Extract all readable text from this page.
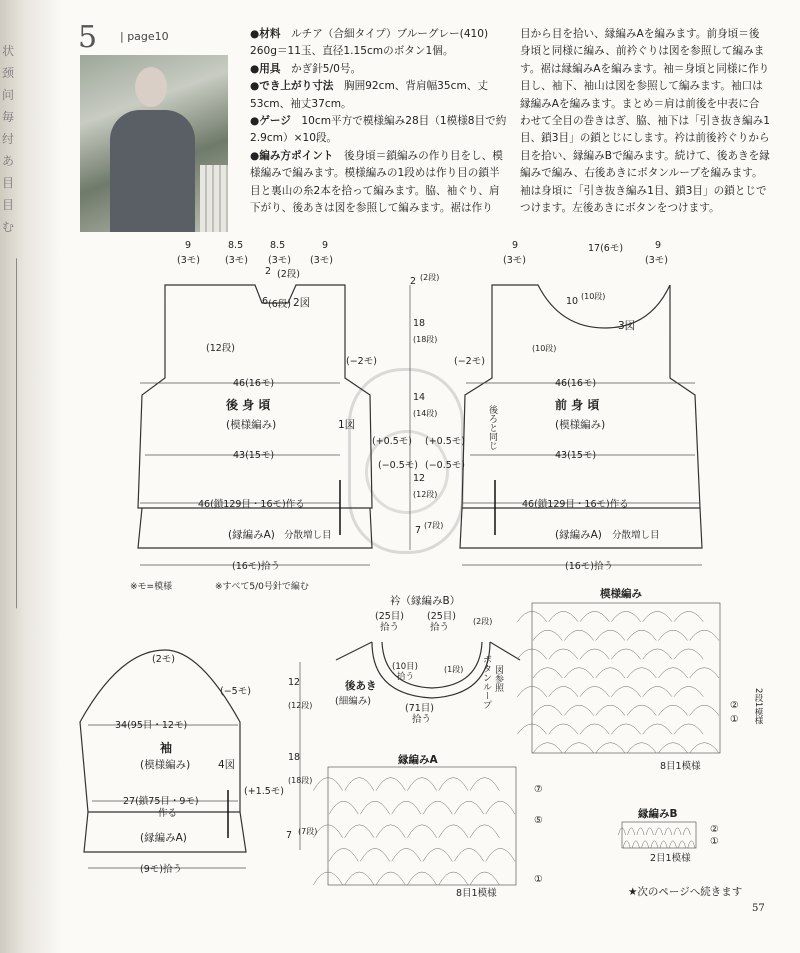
状
颈
问
毎
纣
あ
目
目
む
5 | page10	●材料　ルチア（合細タイプ）ブルーグレー(410) 260g＝11玉、直径1.15cmのボタン1個。

●用具　かぎ針5/0号。

●でき上がり寸法　胸囲92cm、背肩幅35cm、丈53cm、袖丈37cm。

●ゲージ　10cm平方で模様編み28目（1模様8目で約2.9cm）×10段。

●編み方ポイント　後身頃＝鎖編みの作り目をし、模様編みで編みます。模様編みの1段めは作り目の鎖半目と裏山の糸2本を拾って編みます。脇、袖ぐり、肩下がり、後あきは図を参照して編みます。裾は作り

目から目を拾い、縁編みAを編みます。前身頃＝後身頃と同様に編み、前衿ぐりは図を参照して編みます。裾は縁編みAを編みます。袖＝身頃と同様に作り目し、袖下、袖山は図を参照して編みます。袖口は縁編みAを編みます。まとめ＝肩は前後を中表に合わせて全目の巻きはぎ、脇、袖下は「引き抜き編み1目、鎖3目」の鎖とじにします。衿は前後衿ぐりから目を拾い、縁編みBで編みます。続けて、後あきを縁編みで編み、右後あきにボタンループを編みます。袖は身頃に「引き抜き編み1目、鎖3目」の鎖とじでつけます。左後あきにボタンをつけます。

9
(3モ)
8.5
(3モ)
8.5
(3モ)
9
(3モ)
2 (2段)
6 (6段) 2図
(12段)
(−2モ)
46(16モ)
後 身 頃
(模様編み)	1図
43(15モ)
46(鎖129目・16モ)作る
(縁編みA) 分散増し目
(16モ)拾う
2 (2段)
18
(18段)
14
(14段)
(+0.5モ) (+0.5モ)
(−0.5モ) (−0.5モ)
12
(12段)
7 (7段)
後ろと同じ
9
(3モ)
17(6モ)	9
(3モ)
10 (10段)
3図
(10段)
(−2モ)
46(16モ)
前 身 頃
(模様編み)
43(15モ)
46(鎖129目・16モ)作る
(縁編みA) 分散増し目
(16モ)拾う
※モ=模様	※すべて5/0号針で編む
(2モ)
(−5モ)
34(95目・12モ)
袖
(模様編み)	4図
(+1.5モ)
27(鎖75目・9モ)
作る
(縁編みA)
(9モ)拾う
12
(12段)
18
(18段)
7 (7段)
衿（縁編みB）
(25目)
拾う
(25目)
拾う
(2段)
後あき
(細編み)
(10目)
拾う
(1段)
(71目)
拾う
ボタンループ 図参照
模様編み
8目1模様
②
① 2段1模様
縁編みA
8目1模様
⑦
⑤
①
縁編みB
2目1模様
②
①
★次のページへ続きます
57
